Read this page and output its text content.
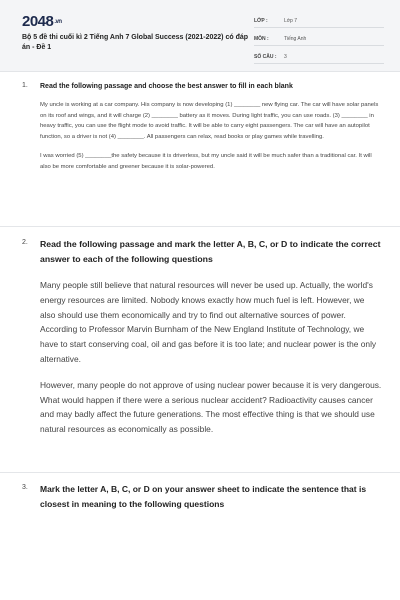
2048.vn
Bộ 5 đề thi cuối kì 2 Tiếng Anh 7 Global Success (2021-2022) có đáp án - Đề 1
LỚP :	Lớp 7
MÔN :	Tiếng Anh
SỐ CÂU :	3
1. Read the following passage and choose the best answer to fill in each blank

My uncle is working at a car company. His company is now developing (1) ________ new flying car. The car will have solar panels on its roof and wings, and it will charge (2) ________ battery as it moves. During light traffic, you can use roads. (3) ________ in heavy traffic, you can use the flight mode to avoid traffic. It will be able to carry eight passengers. The car will have an autopilot function, so a driver is not (4) ________. All passengers can relax, read books or play games while travelling.

I was worried (5) ________the safety because it is driverless, but my uncle said it will be much safer than a traditional car. It will also be more comfortable and greener because it is solar-powered.

2. Read the following passage and mark the letter A, B, C, or D to indicate the correct answer to each of the following questions

Many people still believe that natural resources will never be used up. Actually, the world's energy resources are limited. Nobody knows exactly how much fuel is left. However, we also should use them economically and try to find out alternative sources of power. According to Professor Marvin Burnham of the New England Institute of Technology, we have to start conserving coal, oil and gas before it is too late; and nuclear power is the only alternative.

However, many people do not approve of using nuclear power because it is very dangerous. What would happen if there were a serious nuclear accident? Radioactivity causes cancer and may badly affect the future generations. The most effective thing is that we should use natural resources as economically as possible.

3. Mark the letter A, B, C, or D on your answer sheet to indicate the sentence that is closest in meaning to the following questions
